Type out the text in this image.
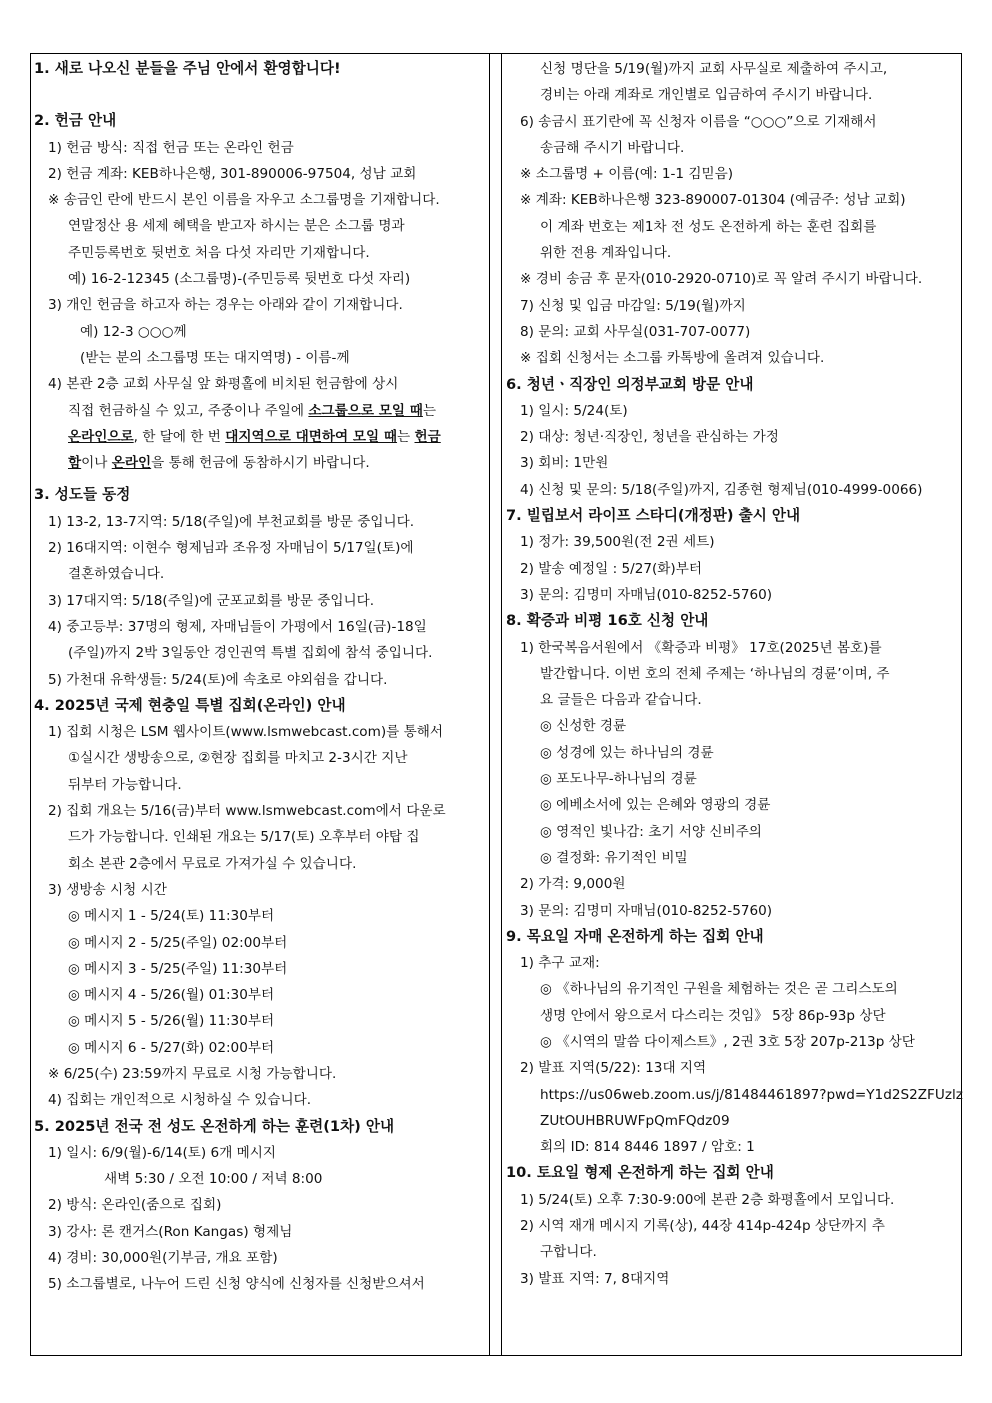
1. 새로 나오신 분들을 주님 안에서 환영합니다!
2. 헌금 안내
1) 헌금 방식: 직접 헌금 또는 온라인 헌금
2) 헌금 계좌: KEB하나은행, 301-890006-97504, 성남 교회
※ 송금인 란에 반드시 본인 이름을 자우고 소그룹명을 기재합니다.
연말정산 용 세제 혜택을 받고자 하시는 분은 소그룹 명과
주민등록번호 뒷번호 처음 다섯 자리만 기재합니다.
예) 16-2-12345 (소그룹명)-(주민등록 뒷번호 다섯 자리)
3) 개인 헌금을 하고자 하는 경우는 아래와 같이 기재합니다.
예) 12-3 ○○○께
(받는 분의 소그룹명 또는 대지역명) - 이름-께
4) 본관 2층 교회 사무실 앞 화평홀에 비치된 헌금함에 상시
직접 헌금하실 수 있고, 주중이나 주일에 소그룹으로 모일 때는
온라인으로, 한 달에 한 번 대지역으로 대면하여 모일 때는 헌금
함이나 온라인을 통해 헌금에 동참하시기 바랍니다.
3. 성도들 동정
1) 13-2, 13-7지역: 5/18(주일)에 부천교회를 방문 중입니다.
2) 16대지역: 이현수 형제님과 조유정 자매님이 5/17일(토)에
결혼하였습니다.
3) 17대지역: 5/18(주일)에 군포교회를 방문 중입니다.
4) 중고등부: 37명의 형제, 자매님들이 가평에서 16일(금)-18일
(주일)까지 2박 3일동안 경인권역 특별 집회에 참석 중입니다.
5) 가천대 유학생들: 5/24(토)에 속초로 야외쉼을 갑니다.
4. 2025년 국제 현충일 특별 집회(온라인) 안내
1) 집회 시청은 LSM 웹사이트(www.lsmwebcast.com)를 통해서
①실시간 생방송으로, ②현장 집회를 마치고 2-3시간 지난
뒤부터 가능합니다.
2) 집회 개요는 5/16(금)부터 www.lsmwebcast.com에서 다운로
드가 가능합니다. 인쇄된 개요는 5/17(토) 오후부터 야탑 집
회소 본관 2층에서 무료로 가져가실 수 있습니다.
3) 생방송 시청 시간
◎ 메시지 1 - 5/24(토) 11:30부터
◎ 메시지 2 - 5/25(주일) 02:00부터
◎ 메시지 3 - 5/25(주일) 11:30부터
◎ 메시지 4 - 5/26(월) 01:30부터
◎ 메시지 5 - 5/26(월) 11:30부터
◎ 메시지 6 - 5/27(화) 02:00부터
※ 6/25(수) 23:59까지 무료로 시청 가능합니다.
4) 집회는 개인적으로 시청하실 수 있습니다.
5. 2025년 전국 전 성도 온전하게 하는 훈련(1차) 안내
1) 일시: 6/9(월)-6/14(토) 6개 메시지
새벽 5:30 / 오전 10:00 / 저녁 8:00
2) 방식: 온라인(줌으로 집회)
3) 강사: 론 캔거스(Ron Kangas) 형제님
4) 경비: 30,000원(기부금, 개요 포함)
5) 소그룹별로, 나누어 드린 신청 양식에 신청자를 신청받으셔서
신청 명단을 5/19(월)까지 교회 사무실로 제출하여 주시고,
경비는 아래 계좌로 개인별로 입금하여 주시기 바랍니다.
6) 송금시 표기란에 꼭 신청자 이름을 “○○○”으로 기재해서
송금해 주시기 바랍니다.
※ 소그룹명 + 이름(예: 1-1 김믿음)
※ 계좌: KEB하나은행 323-890007-01304 (예금주: 성남 교회)
이 계좌 번호는 제1차 전 성도 온전하게 하는 훈련 집회를
위한 전용 계좌입니다.
※ 경비 송금 후 문자(010-2920-0710)로 꼭 알려 주시기 바랍니다.
7) 신청 및 입금 마감일: 5/19(월)까지
8) 문의: 교회 사무실(031-707-0077)
※ 집회 신청서는 소그룹 카톡방에 올려져 있습니다.
6. 청년ㆍ직장인 의정부교회 방문 안내
1) 일시: 5/24(토)
2) 대상: 청년·직장인, 청년을 관심하는 가정
3) 회비: 1만원
4) 신청 및 문의: 5/18(주일)까지, 김종현 형제님(010-4999-0066)
7. 빌립보서 라이프 스타디(개정판) 출시 안내
1) 정가: 39,500원(전 2권 세트)
2) 발송 예정일 : 5/27(화)부터
3) 문의: 김명미 자매님(010-8252-5760)
8. 확증과 비평 16호 신청 안내
1) 한국복음서원에서 《확증과 비평》 17호(2025년 봄호)를
발간합니다. 이번 호의 전체 주제는 ‘하나님의 경륜’이며, 주
요 글들은 다음과 같습니다.
◎ 신성한 경륜
◎ 성경에 있는 하나님의 경륜
◎ 포도나무-하나님의 경륜
◎ 에베소서에 있는 은혜와 영광의 경륜
◎ 영적인 빛나감: 초기 서양 신비주의
◎ 결정화: 유기적인 비밀
2) 가격: 9,000원
3) 문의: 김명미 자매님(010-8252-5760)
9. 목요일 자매 온전하게 하는 집회 안내
1) 추구 교재:
◎ 《하나님의 유기적인 구원을 체험하는 것은 곧 그리스도의
생명 안에서 왕으로서 다스리는 것임》 5장 86p-93p 상단
◎ 《시역의 말씀 다이제스트》, 2권 3호 5장 207p-213p 상단
2) 발표 지역(5/22): 13대 지역
https://us06web.zoom.us/j/81484461897?pwd=Y1d2S2ZFUzlz
ZUtOUHBRUWFpQmFQdz09
회의 ID: 814 8446 1897 / 암호: 1
10. 토요일 형제 온전하게 하는 집회 안내
1) 5/24(토) 오후 7:30-9:00에 본관 2층 화평홀에서 모입니다.
2) 시역 재개 메시지 기록(상), 44장 414p-424p 상단까지 추
구합니다.
3) 발표 지역: 7, 8대지역
